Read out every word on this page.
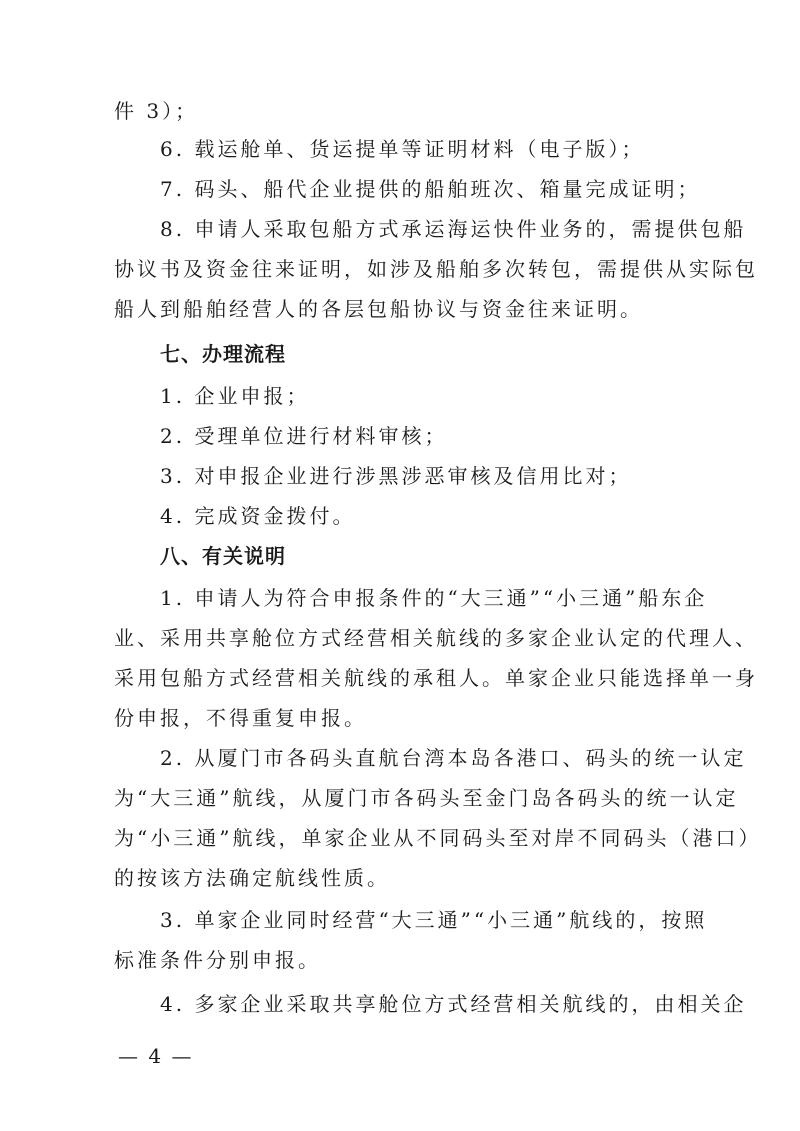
件 3）；
6. 载运舱单、货运提单等证明材料（电子版）；
7. 码头、船代企业提供的船舶班次、箱量完成证明；
8. 申请人采取包船方式承运海运快件业务的，需提供包船
协议书及资金往来证明，如涉及船舶多次转包，需提供从实际包
船人到船舶经营人的各层包船协议与资金往来证明。
七、办理流程
1. 企业申报；
2. 受理单位进行材料审核；
3. 对申报企业进行涉黑涉恶审核及信用比对；
4. 完成资金拨付。
八、有关说明
1. 申请人为符合申报条件的“大三通”“小三通”船东企
业、采用共享舱位方式经营相关航线的多家企业认定的代理人、
采用包船方式经营相关航线的承租人。单家企业只能选择单一身
份申报，不得重复申报。
2. 从厦门市各码头直航台湾本岛各港口、码头的统一认定
为“大三通”航线，从厦门市各码头至金门岛各码头的统一认定
为“小三通”航线，单家企业从不同码头至对岸不同码头（港口）
的按该方法确定航线性质。
3. 单家企业同时经营“大三通”“小三通”航线的，按照
标准条件分别申报。
4. 多家企业采取共享舱位方式经营相关航线的，由相关企
— 4 —
